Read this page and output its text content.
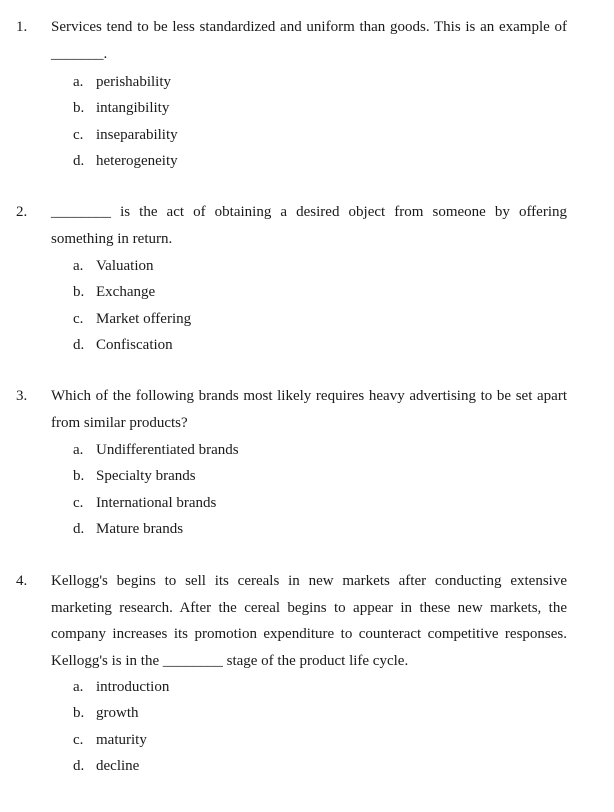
1. Services tend to be less standardized and uniform than goods. This is an example of _______.
a. perishability
b. intangibility
c. inseparability
d. heterogeneity
2. ________ is the act of obtaining a desired object from someone by offering something in return.
a. Valuation
b. Exchange
c. Market offering
d. Confiscation
3. Which of the following brands most likely requires heavy advertising to be set apart from similar products?
a. Undifferentiated brands
b. Specialty brands
c. International brands
d. Mature brands
4. Kellogg's begins to sell its cereals in new markets after conducting extensive marketing research. After the cereal begins to appear in these new markets, the company increases its promotion expenditure to counteract competitive responses. Kellogg's is in the ________ stage of the product life cycle.
a. introduction
b. growth
c. maturity
d. decline
